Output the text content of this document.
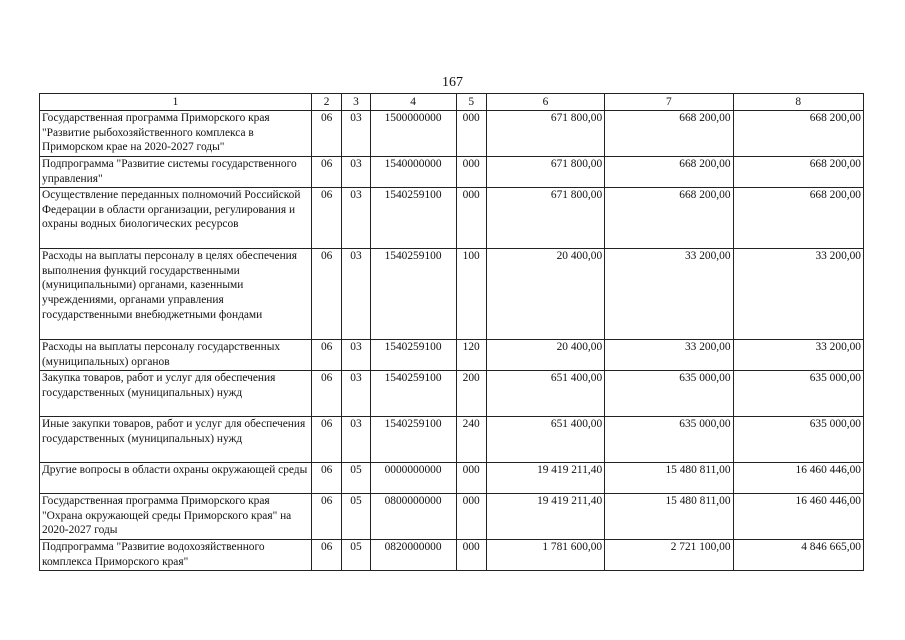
167
1	2	3	4	5	6	7	8
Государственная программа Приморского края "Развитие рыбохозяйственного комплекса в Приморском крае на 2020-2027 годы"	06	03	1500000000	000	671 800,00	668 200,00	668 200,00
Подпрограмма "Развитие системы государственного управления"	06	03	1540000000	000	671 800,00	668 200,00	668 200,00
Осуществление переданных полномочий Российской Федерации в области организации, регулирования и охраны водных биологических ресурсов	06	03	1540259100	000	671 800,00	668 200,00	668 200,00
Расходы на выплаты персоналу в целях обеспечения выполнения функций государственными (муниципальными) органами, казенными учреждениями, органами управления государственными внебюджетными фондами	06	03	1540259100	100	20 400,00	33 200,00	33 200,00
Расходы на выплаты персоналу государственных (муниципальных) органов	06	03	1540259100	120	20 400,00	33 200,00	33 200,00
Закупка товаров, работ и услуг для обеспечения государственных (муниципальных) нужд	06	03	1540259100	200	651 400,00	635 000,00	635 000,00
Иные закупки товаров, работ и услуг для обеспечения государственных (муниципальных) нужд	06	03	1540259100	240	651 400,00	635 000,00	635 000,00
Другие вопросы в области охраны окружающей среды	06	05	0000000000	000	19 419 211,40	15 480 811,00	16 460 446,00
Государственная программа Приморского края "Охрана окружающей среды Приморского края" на 2020-2027 годы	06	05	0800000000	000	19 419 211,40	15 480 811,00	16 460 446,00
Подпрограмма "Развитие водохозяйственного комплекса Приморского края"	06	05	0820000000	000	1 781 600,00	2 721 100,00	4 846 665,00
